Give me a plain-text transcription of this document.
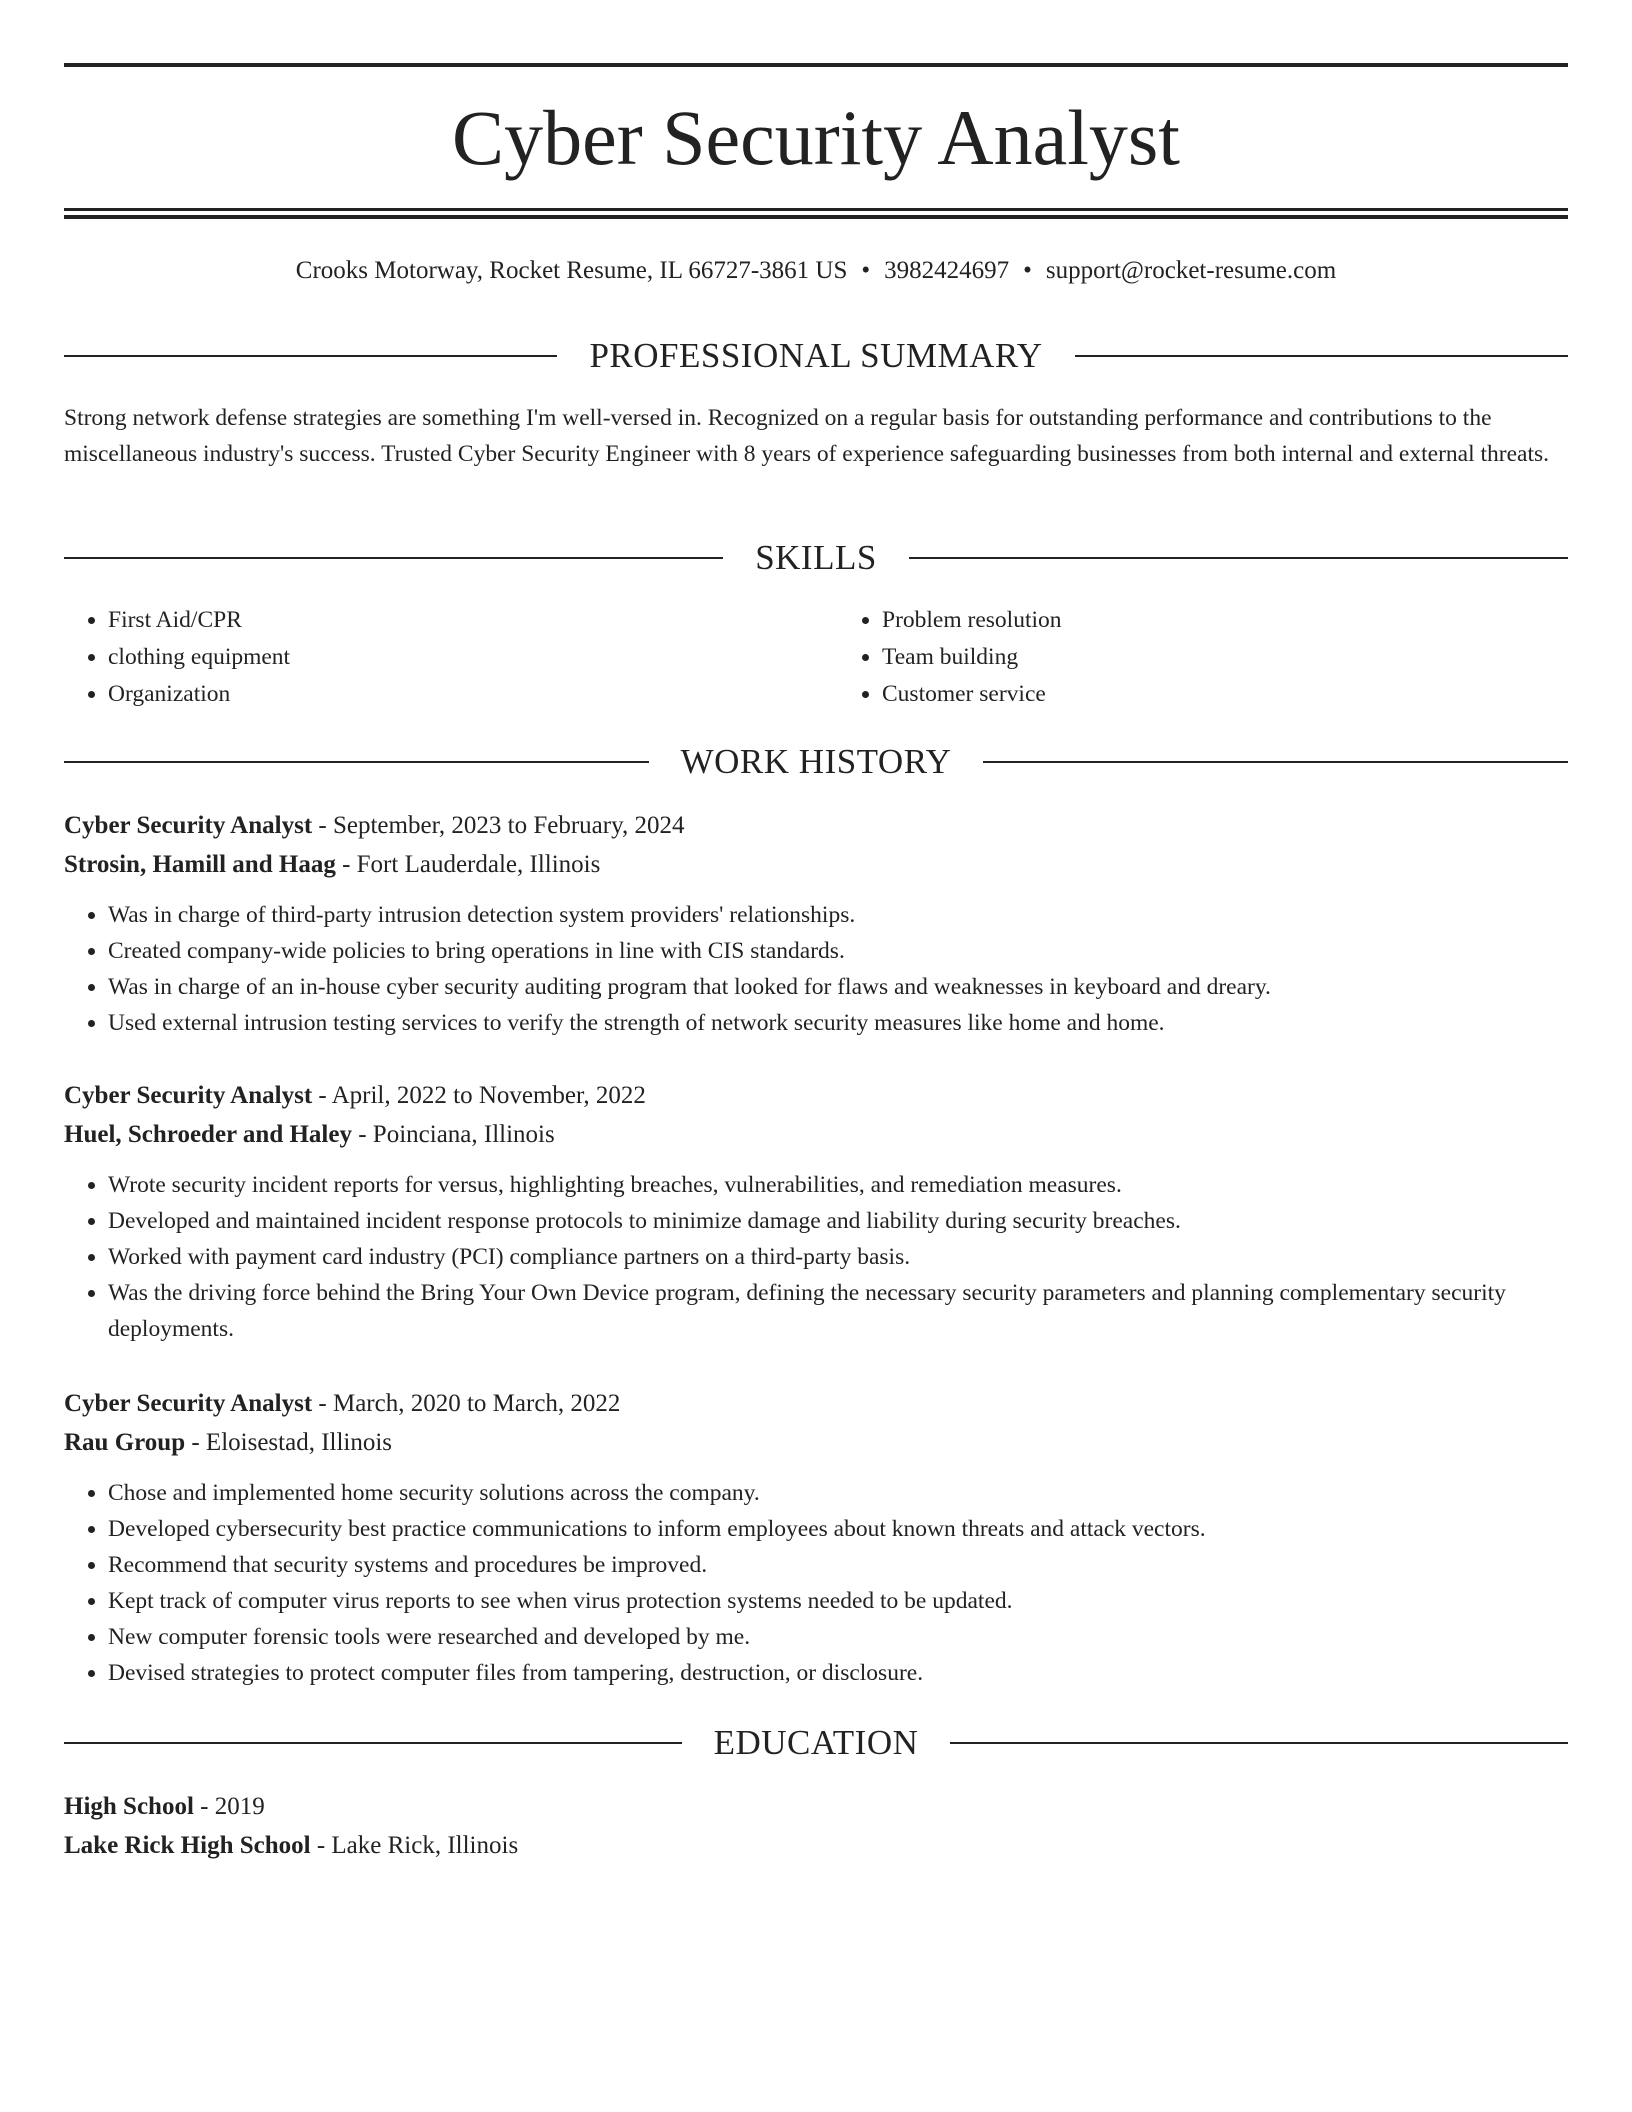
Cyber Security Analyst
Crooks Motorway, Rocket Resume, IL 66727-3861 US • 3982424697 • support@rocket-resume.com
PROFESSIONAL SUMMARY

Strong network defense strategies are something I'm well-versed in. Recognized on a regular basis for outstanding performance and contributions to the miscellaneous industry's success. Trusted Cyber Security Engineer with 8 years of experience safeguarding businesses from both internal and external threats.

SKILLS
• First Aid/CPR
• clothing equipment
• Organization
• Problem resolution
• Team building
• Customer service
WORK HISTORY
Cyber Security Analyst - September, 2023 to February, 2024
Strosin, Hamill and Haag - Fort Lauderdale, Illinois
• Was in charge of third-party intrusion detection system providers' relationships.
• Created company-wide policies to bring operations in line with CIS standards.
• Was in charge of an in-house cyber security auditing program that looked for flaws and weaknesses in keyboard and dreary.
• Used external intrusion testing services to verify the strength of network security measures like home and home.
Cyber Security Analyst - April, 2022 to November, 2022
Huel, Schroeder and Haley - Poinciana, Illinois
• Wrote security incident reports for versus, highlighting breaches, vulnerabilities, and remediation measures.
• Developed and maintained incident response protocols to minimize damage and liability during security breaches.
• Worked with payment card industry (PCI) compliance partners on a third-party basis.
• Was the driving force behind the Bring Your Own Device program, defining the necessary security parameters and planning complementary security deployments.
Cyber Security Analyst - March, 2020 to March, 2022
Rau Group - Eloisestad, Illinois
• Chose and implemented home security solutions across the company.
• Developed cybersecurity best practice communications to inform employees about known threats and attack vectors.
• Recommend that security systems and procedures be improved.
• Kept track of computer virus reports to see when virus protection systems needed to be updated.
• New computer forensic tools were researched and developed by me.
• Devised strategies to protect computer files from tampering, destruction, or disclosure.
EDUCATION
High School - 2019
Lake Rick High School - Lake Rick, Illinois
